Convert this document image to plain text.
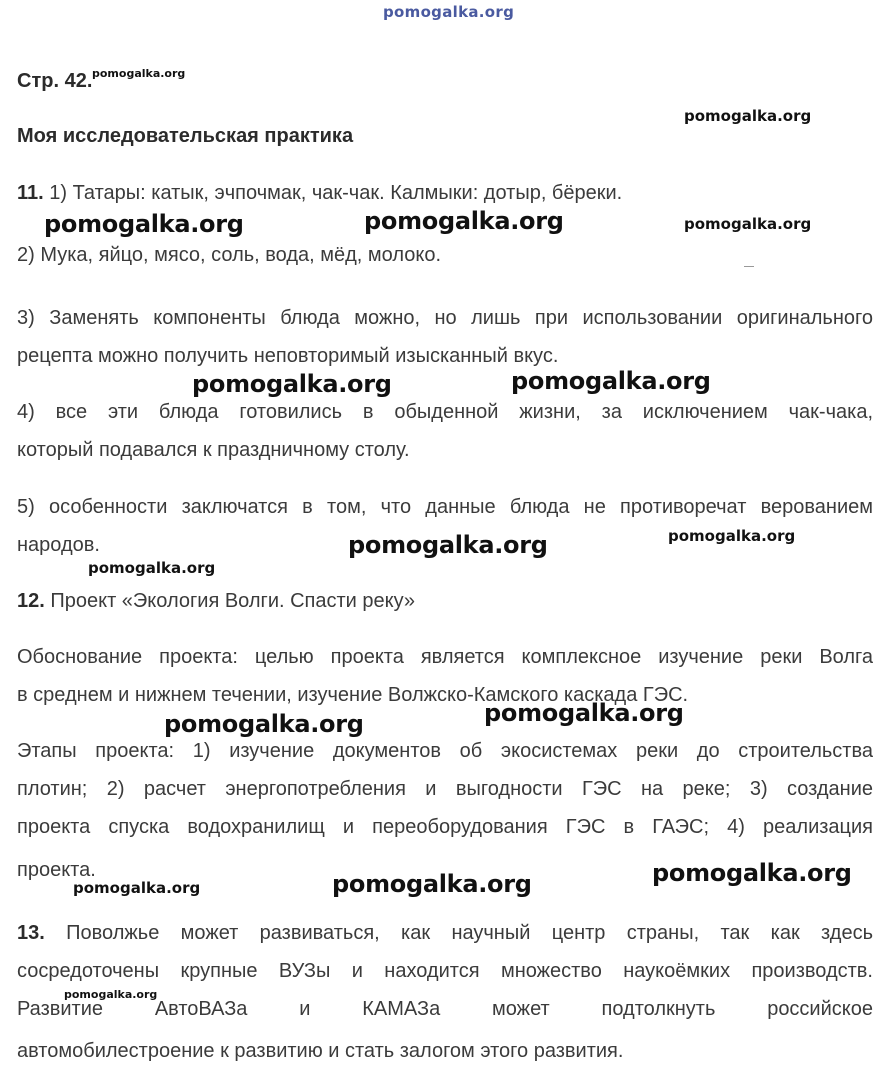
pomogalka.org
pomogalka.org
pomogalka.org
pomogalka.org	pomogalka.org	pomogalka.org
pomogalka.org	pomogalka.org
pomogalka.org	pomogalka.org
pomogalka.org
pomogalka.org	pomogalka.org
pomogalka.org	pomogalka.org	pomogalka.org
pomogalka.org
Стр. 42.
Моя исследовательская практика
11. 1) Татары: катык, эчпочмак, чак-чак. Калмыки: дотыр, бёреки.
2) Мука, яйцо, мясо, соль, вода, мёд, молоко.
3) Заменять компоненты блюда можно, но лишь при использовании оригинального
рецепта можно получить неповторимый изысканный вкус.
4) все эти блюда готовились в обыденной жизни, за исключением чак-чака,
который подавался к праздничному столу.
5) особенности заключатся в том, что данные блюда не противоречат верованием
народов.
12. Проект «Экология Волги. Спасти реку»
Обоснование проекта: целью проекта является комплексное изучение реки Волга
в среднем и нижнем течении, изучение Волжско-Камского каскада ГЭС.
Этапы проекта: 1) изучение документов об экосистемах реки до строительства
плотин; 2) расчет энергопотребления и выгодности ГЭС на реке; 3) создание
проекта спуска водохранилищ и переоборудования ГЭС в ГАЭС; 4) реализация
проекта.
13. Поволжье может развиваться, как научный центр страны, так как здесь
сосредоточены крупные ВУЗы и находится множество наукоёмких производств.
Развитие АвтоВАЗа и КАМАЗа может подтолкнуть российское
автомобилестроение к развитию и стать залогом этого развития.
